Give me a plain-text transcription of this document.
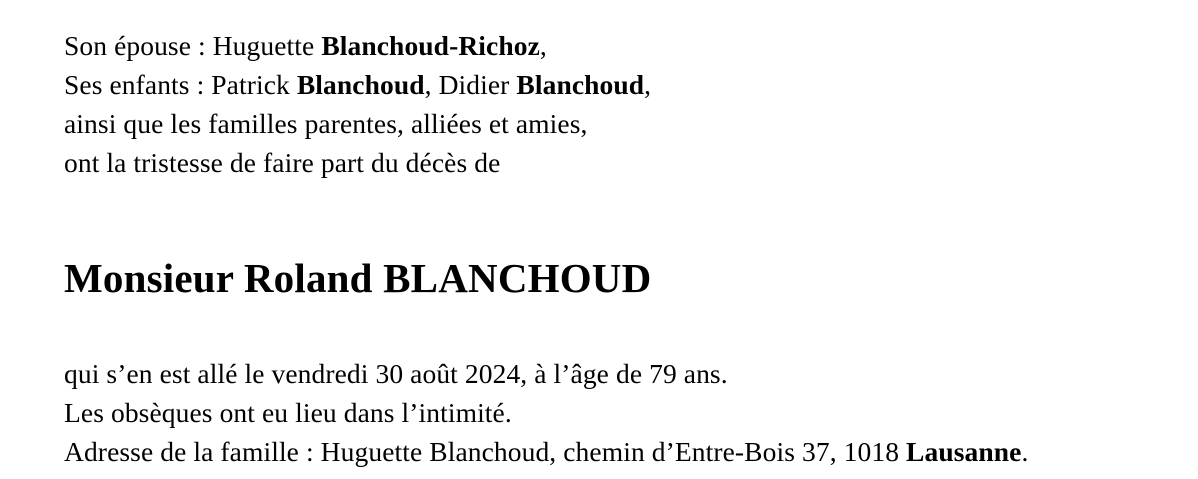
Son épouse : Huguette Blanchoud-Richoz,
Ses enfants : Patrick Blanchoud, Didier Blanchoud,
ainsi que les familles parentes, alliées et amies,
ont la tristesse de faire part du décès de
Monsieur Roland BLANCHOUD
qui s’en est allé le vendredi 30 août 2024, à l’âge de 79 ans.
Les obsèques ont eu lieu dans l’intimité.
Adresse de la famille : Huguette Blanchoud, chemin d’Entre-Bois 37, 1018 Lausanne.
